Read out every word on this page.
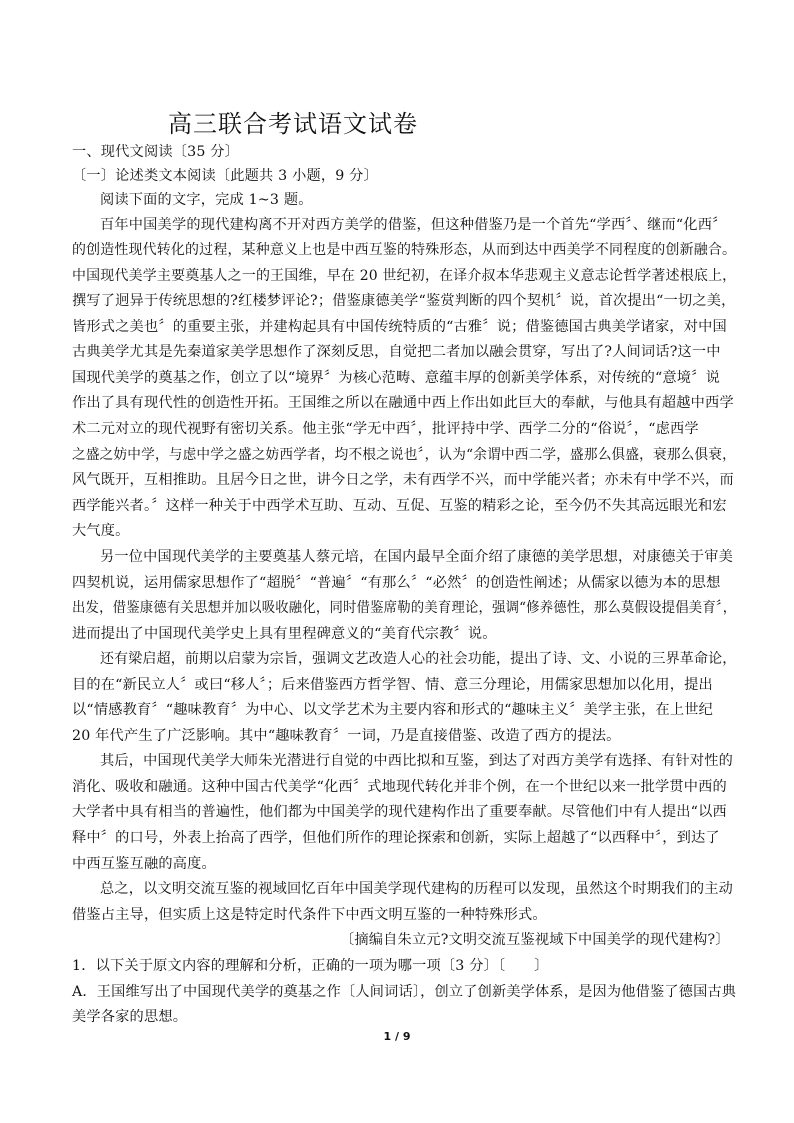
高三联合考试语文试卷
一、现代文阅读〔35 分〕
〔一〕论述类文本阅读〔此题共 3 小题，9 分〕
阅读下面的文字，完成 1~3 题。
百年中国美学的现代建构离不开对西方美学的借鉴，但这种借鉴乃是一个首先“学西〞、继而“化西〞
的创造性现代转化的过程，某种意义上也是中西互鉴的特殊形态，从而到达中西美学不同程度的创新融合。
中国现代美学主要奠基人之一的王国维，早在 20 世纪初，在译介叔本华悲观主义意志论哲学著述根底上，
撰写了迥异于传统思想的?红楼梦评论?；借鉴康德美学“鉴赏判断的四个契机〞说，首次提出“一切之美，
皆形式之美也〞的重要主张，并建构起具有中国传统特质的“古雅〞说；借鉴德国古典美学诸家，对中国
古典美学尤其是先秦道家美学思想作了深刻反思，自觉把二者加以融会贯穿，写出了?人间词话?这一中
国现代美学的奠基之作，创立了以“境界〞为核心范畴、意蕴丰厚的创新美学体系，对传统的“意境〞说
作出了具有现代性的创造性开拓。王国维之所以在融通中西上作出如此巨大的奉献，与他具有超越中西学
术二元对立的现代视野有密切关系。他主张“学无中西〞，批评持中学、西学二分的“俗说〞，“虑西学
之盛之妨中学，与虑中学之盛之妨西学者，均不根之说也〞，认为“余谓中西二学，盛那么俱盛，衰那么俱衰，
风气既开，互相推助。且居今日之世，讲今日之学，未有西学不兴，而中学能兴者；亦未有中学不兴，而
西学能兴者。〞这样一种关于中西学术互助、互动、互促、互鉴的精彩之论，至今仍不失其高远眼光和宏
大气度。
另一位中国现代美学的主要奠基人蔡元培，在国内最早全面介绍了康德的美学思想，对康德关于审美
四契机说，运用儒家思想作了“超脱〞“普遍〞“有那么〞“必然〞的创造性阐述；从儒家以德为本的思想
出发，借鉴康德有关思想并加以吸收融化，同时借鉴席勒的美育理论，强调“修养德性，那么莫假设提倡美育〞，
进而提出了中国现代美学史上具有里程碑意义的“美育代宗教〞说。
还有梁启超，前期以启蒙为宗旨，强调文艺改造人心的社会功能，提出了诗、文、小说的三界革命论，
目的在“新民立人〞或曰“移人〞；后来借鉴西方哲学智、情、意三分理论，用儒家思想加以化用，提出
以“情感教育〞“趣味教育〞为中心、以文学艺术为主要内容和形式的“趣味主义〞美学主张，在上世纪
20 年代产生了广泛影响。其中“趣味教育〞一词，乃是直接借鉴、改造了西方的提法。
其后，中国现代美学大师朱光潜进行自觉的中西比拟和互鉴，到达了对西方美学有选择、有针对性的
消化、吸收和融通。这种中国古代美学“化西〞式地现代转化并非个例，在一个世纪以来一批学贯中西的
大学者中具有相当的普遍性，他们都为中国美学的现代建构作出了重要奉献。尽管他们中有人提出“以西
释中〞的口号，外表上抬高了西学，但他们所作的理论探索和创新，实际上超越了“以西释中〞，到达了
中西互鉴互融的高度。
总之，以文明交流互鉴的视域回忆百年中国美学现代建构的历程可以发现，虽然这个时期我们的主动
借鉴占主导，但实质上这是特定时代条件下中西文明互鉴的一种特殊形式。
〔摘编自朱立元?文明交流互鉴视域下中国美学的现代建构?〕
1．以下关于原文内容的理解和分析，正确的一项为哪一项〔3 分〕〔　　〕
A．王国维写出了中国现代美学的奠基之作〔人间词话〕，创立了创新美学体系，是因为他借鉴了德国古典
美学各家的思想。
1 / 9
